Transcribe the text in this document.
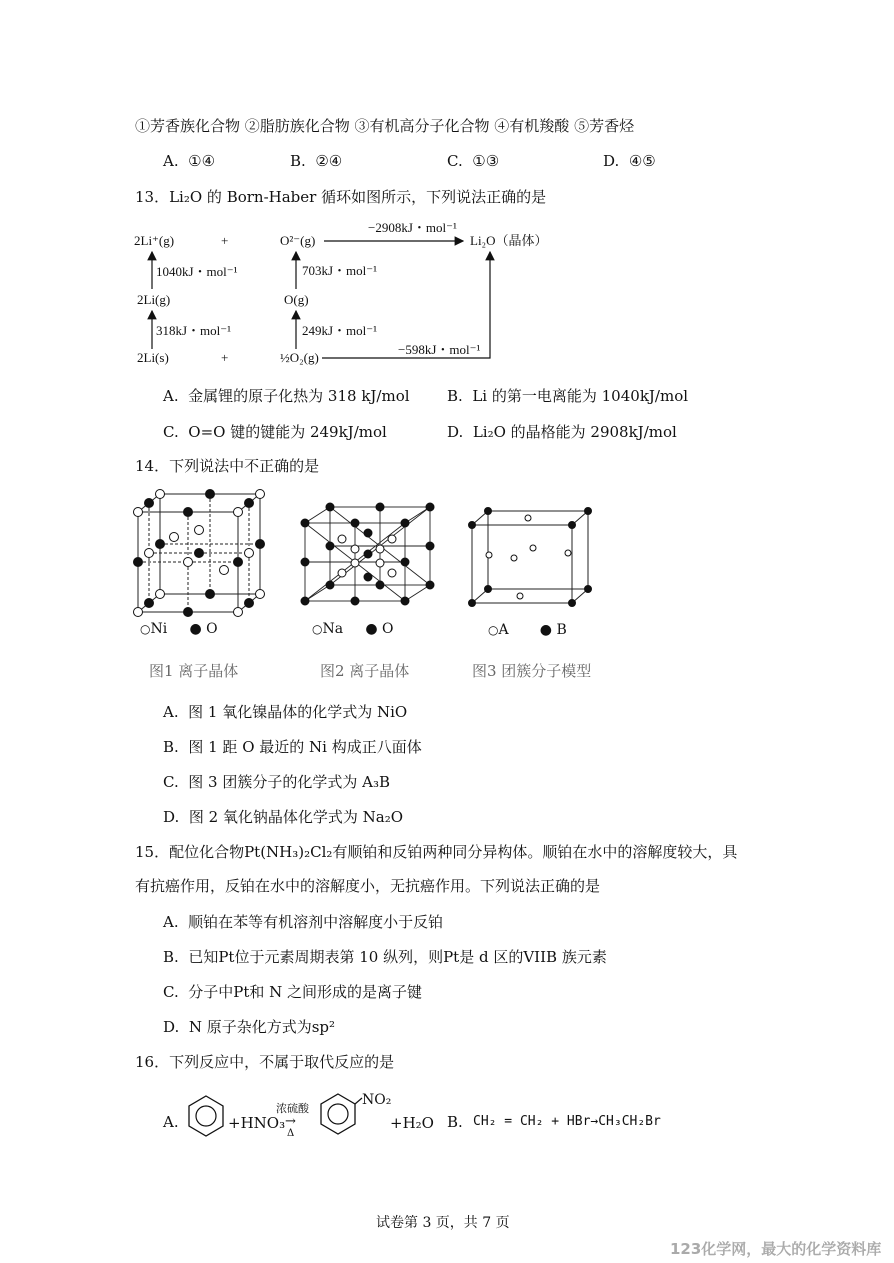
①芳香族化合物 ②脂肪族化合物 ③有机高分子化合物 ④有机羧酸 ⑤芳香烃
A. ①④	B. ②④	C. ①③	D. ④⑤
13．Li₂O 的 Born-Haber 循环如图所示，下列说法正确的是
2Li⁺(g)	+	O²⁻(g)
−2908kJ・mol⁻¹
Li₂O（晶体）
1040kJ・mol⁻¹
2Li(g)
703kJ・mol⁻¹
O(g)
318kJ・mol⁻¹	249kJ・mol⁻¹
2Li(s)	+	½O₂(g)
−598kJ・mol⁻¹
A. 金属锂的原子化热为 318 kJ/mol B. Li 的第一电离能为 1040kJ/mol
C. O=O 键的键能为 249kJ/mol	D. Li₂O 的晶格能为 2908kJ/mol
14．下列说法中不正确的是
○Ni ● O
图1 离子晶体
○Na ● O
图2 离子晶体
○A ● B
图3 团簇分子模型
A. 图 1 氧化镍晶体的化学式为 NiO
B. 图 1 距 O 最近的 Ni 构成正八面体
C. 图 3 团簇分子的化学式为 A₃B
D. 图 2 氧化钠晶体化学式为 Na₂O
15．配位化合物Pt(NH₃)₂Cl₂有顺铂和反铂两种同分异构体。顺铂在水中的溶解度较大，具
有抗癌作用，反铂在水中的溶解度小，无抗癌作用。下列说法正确的是
A. 顺铂在苯等有机溶剂中溶解度小于反铂
B. 已知Pt位于元素周期表第 10 纵列，则Pt是 d 区的VIIB 族元素
C. 分子中Pt和 N 之间形成的是离子键
D. N 原子杂化方式为sp²
16．下列反应中，不属于取代反应的是
A.	+HNO₃
浓硫酸
→
Δ
NO₂
+H₂O B. CH₂ = CH₂ + HBr→CH₃CH₂Br
试卷第 3 页，共 7 页
123化学网，最大的化学资料库
